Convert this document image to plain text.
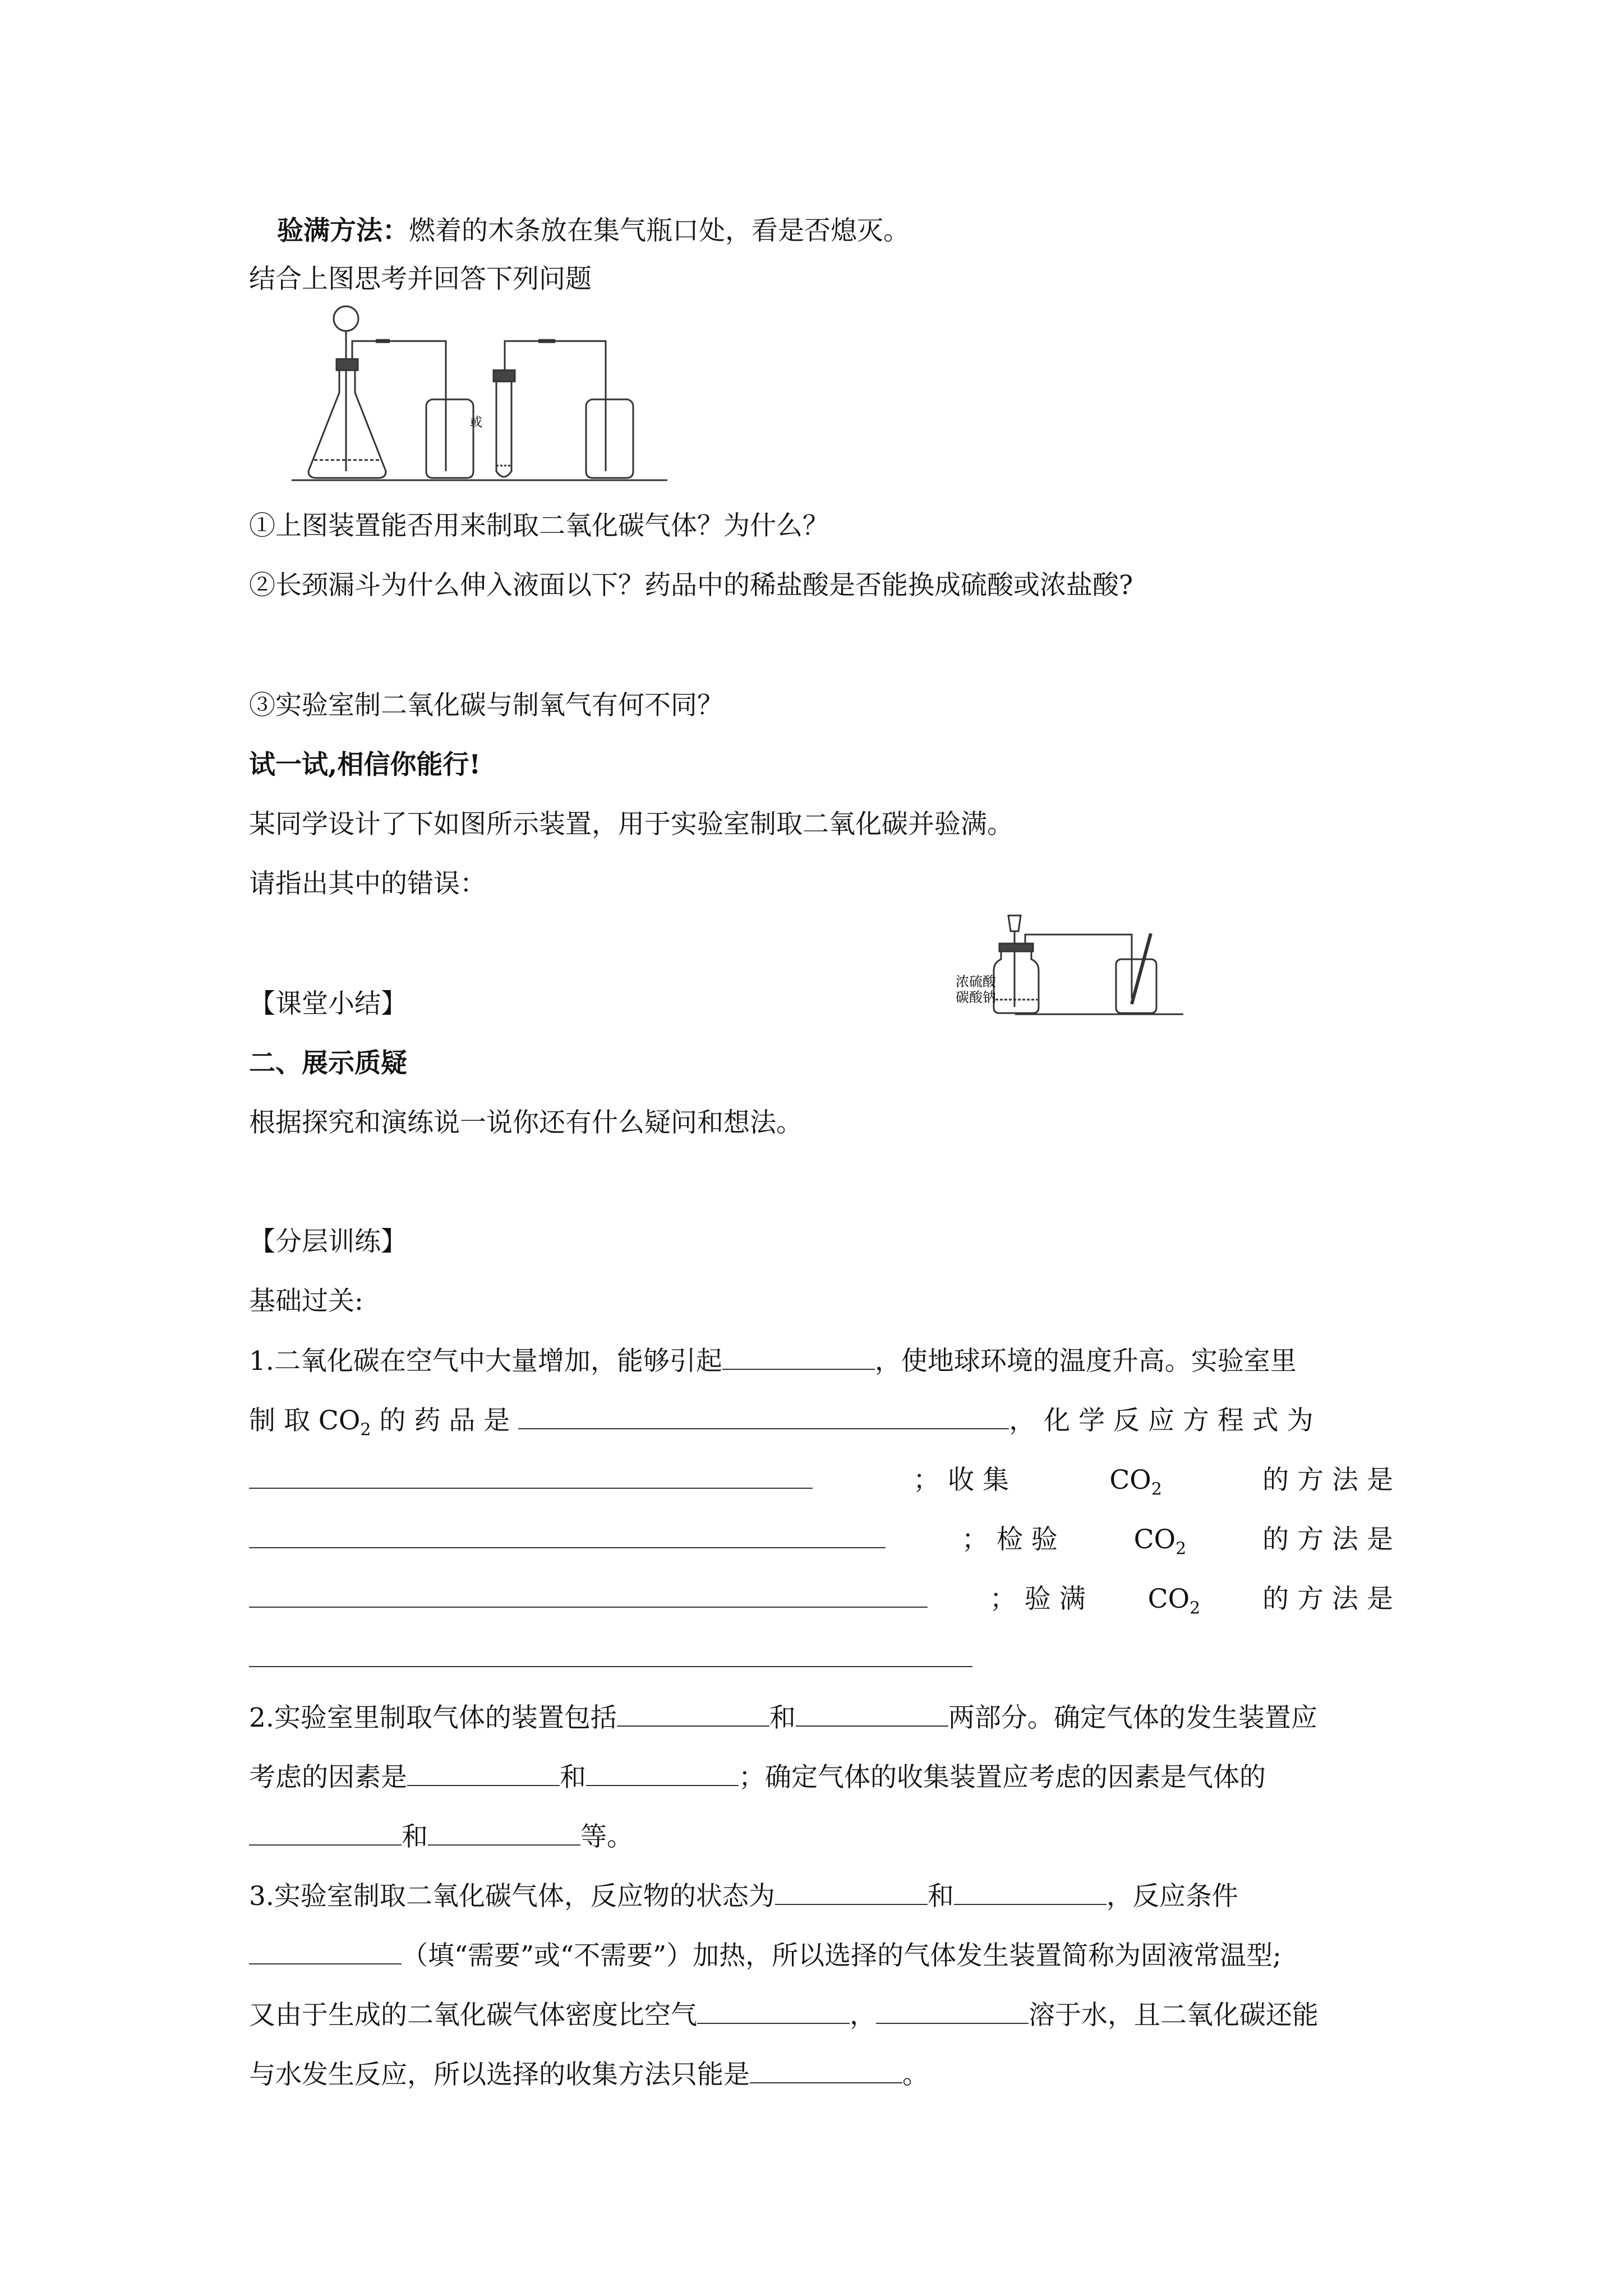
验满方法：燃着的木条放在集气瓶口处，看是否熄灭。
结合上图思考并回答下列问题
或
①上图装置能否用来制取二氧化碳气体？为什么？
②长颈漏斗为什么伸入液面以下？药品中的稀盐酸是否能换成硫酸或浓盐酸?
③实验室制二氧化碳与制氧气有何不同？
试一试,相信你能行!
某同学设计了下如图所示装置，用于实验室制取二氧化碳并验满。
请指出其中的错误：
浓硫酸
碳酸钠
【课堂小结】
二、展示质疑
根据探究和演练说一说你还有什么疑问和想法。
【分层训练】
基础过关:
1.二氧化碳在空气中大量增加，能够引起	，使地球环境的温度升高。实验室里
制 取 $CO_2$ 的 药 品 是	， 化 学 反 应 方 程 式 为
； 收 集	$CO_2$	的 方 法 是
； 检 验	$CO_2$	的 方 法 是
； 验 满 $CO_2$ 的 方 法 是
2.实验室里制取气体的装置包括	和	两部分。确定气体的发生装置应
考虑的因素是	和	；确定气体的收集装置应考虑的因素是气体的
和	等。
3.实验室制取二氧化碳气体，反应物的状态为	和	，反应条件
（填“需要”或“不需要”）加热，所以选择的气体发生装置简称为固液常温型;
又由于生成的二氧化碳气体密度比空气	，	溶于水，且二氧化碳还能
与水发生反应，所以选择的收集方法只能是	。
